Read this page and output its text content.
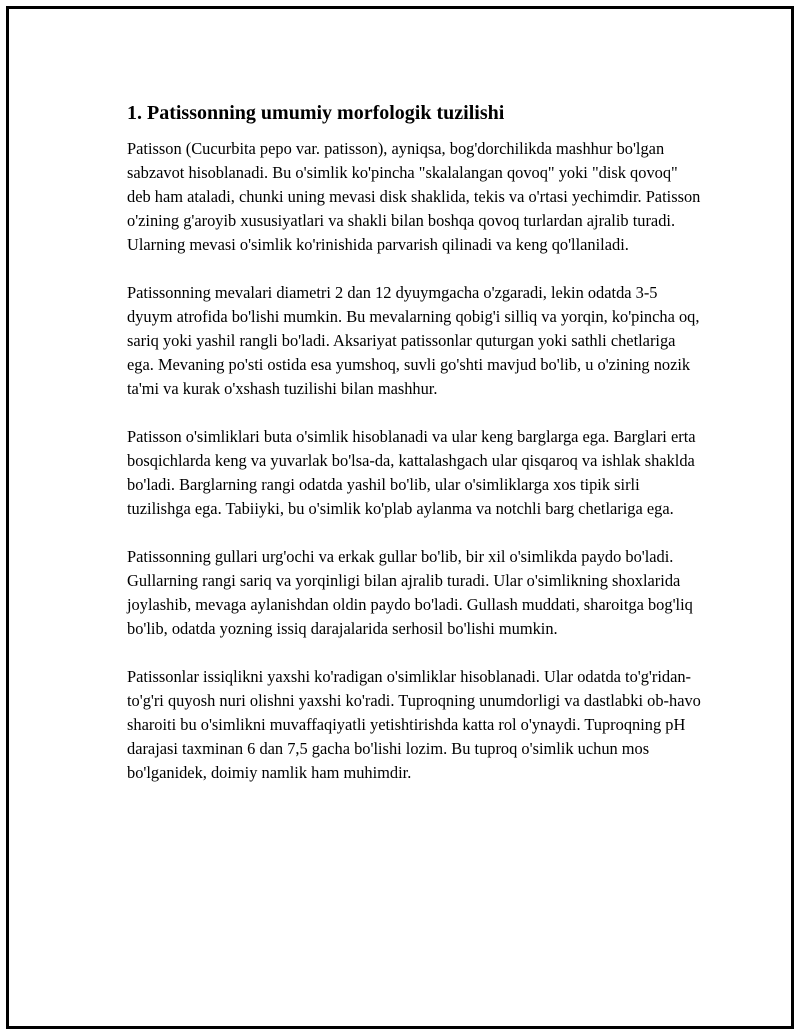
1. Patissonning umumiy morfologik tuzilishi

Patisson (Cucurbita pepo var. patisson), ayniqsa, bog'dorchilikda mashhur bo'lgan sabzavot hisoblanadi. Bu o'simlik ko'pincha "skalalangan qovoq" yoki "disk qovoq" deb ham ataladi, chunki uning mevasi disk shaklida, tekis va o'rtasi yechimdir. Patisson o'zining g'aroyib xususiyatlari va shakli bilan boshqa qovoq turlardan ajralib turadi. Ularning mevasi o'simlik ko'rinishida parvarish qilinadi va keng qo'llaniladi.

Patissonning mevalari diametri 2 dan 12 dyuymgacha o'zgaradi, lekin odatda 3-5 dyuym atrofida bo'lishi mumkin. Bu mevalarning qobig'i silliq va yorqin, ko'pincha oq, sariq yoki yashil rangli bo'ladi. Aksariyat patissonlar quturgan yoki sathli chetlariga ega. Mevaning po'sti ostida esa yumshoq, suvli go'shti mavjud bo'lib, u o'zining nozik ta'mi va kurak o'xshash tuzilishi bilan mashhur.

Patisson o'simliklari buta o'simlik hisoblanadi va ular keng barglarga ega. Barglari erta bosqichlarda keng va yuvarlak bo'lsa-da, kattalashgach ular qisqaroq va ishlak shaklda bo'ladi. Barglarning rangi odatda yashil bo'lib, ular o'simliklarga xos tipik sirli tuzilishga ega. Tabiiyki, bu o'simlik ko'plab aylanma va notchli barg chetlariga ega.

Patissonning gullari urg'ochi va erkak gullar bo'lib, bir xil o'simlikda paydo bo'ladi. Gullarning rangi sariq va yorqinligi bilan ajralib turadi. Ular o'simlikning shoxlarida joylashib, mevaga aylanishdan oldin paydo bo'ladi. Gullash muddati, sharoitga bog'liq bo'lib, odatda yozning issiq darajalarida serhosil bo'lishi mumkin.

Patissonlar issiqlikni yaxshi ko'radigan o'simliklar hisoblanadi. Ular odatda to'g'ridan-to'g'ri quyosh nuri olishni yaxshi ko'radi. Tuproqning unumdorligi va dastlabki ob-havo sharoiti bu o'simlikni muvaffaqiyatli yetishtirishda katta rol o'ynaydi. Tuproqning pH darajasi taxminan 6 dan 7,5 gacha bo'lishi lozim. Bu tuproq o'simlik uchun mos bo'lganidek, doimiy namlik ham muhimdir.
